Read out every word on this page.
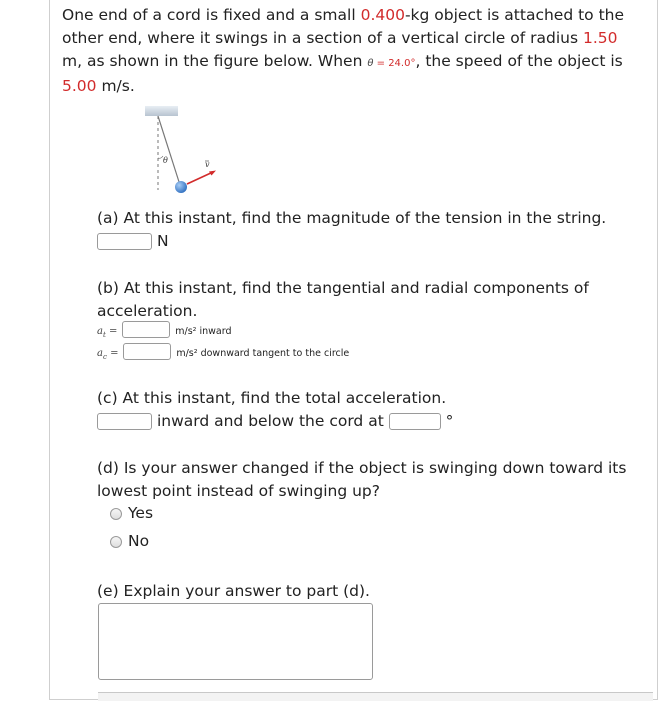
One end of a cord is fixed and a small 0.400-kg object is attached to the other end, where it swings in a section of a vertical circle of radius 1.50 m, as shown in the figure below. When θ = 24.0°, the speed of the object is
5.00 m/s.
θ	v
(a) At this instant, find the magnitude of the tension in the string.
N
(b) At this instant, find the tangential and radial components of acceleration.
$a_t$ =	m/s² inward
$a_c$ =	m/s² downward tangent to the circle
(c) At this instant, find the total acceleration.
inward and below the cord at	°
(d) Is your answer changed if the object is swinging down toward its lowest point instead of swinging up?
Yes
No
(e) Explain your answer to part (d).
